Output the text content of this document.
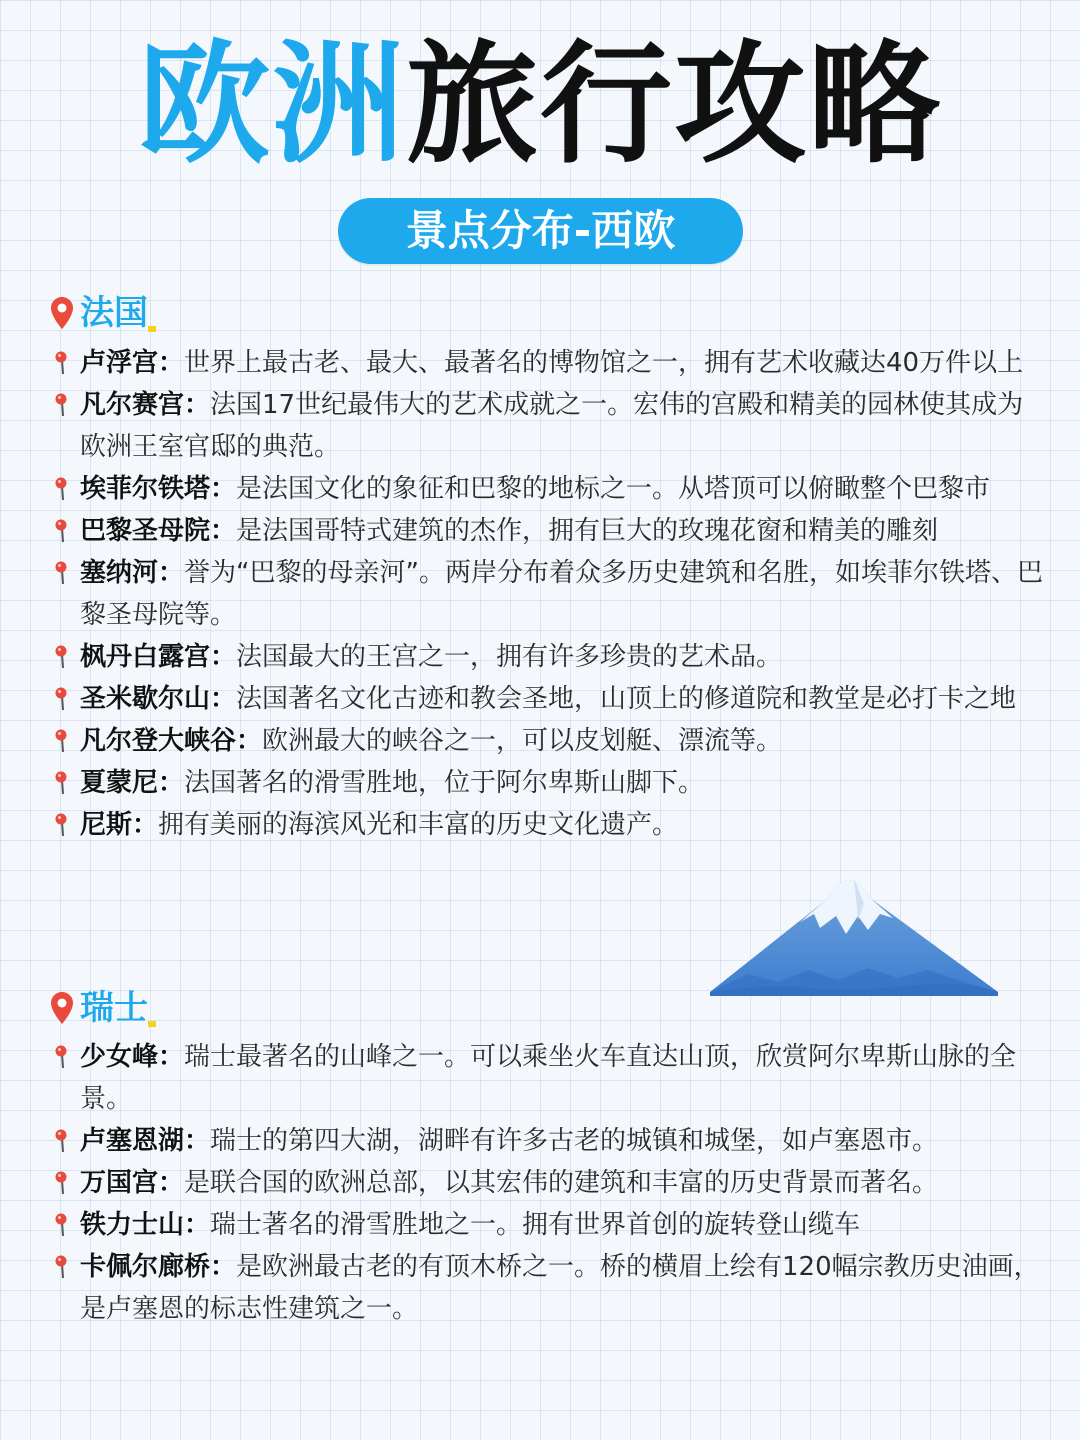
欧洲旅行攻略
景点分布-西欧
法国
卢浮宫：世界上最古老、最大、最著名的博物馆之一，拥有艺术收藏达40万件以上
凡尔赛宫：法国17世纪最伟大的艺术成就之一。宏伟的宫殿和精美的园林使其成为欧洲王室官邸的典范。
埃菲尔铁塔：是法国文化的象征和巴黎的地标之一。从塔顶可以俯瞰整个巴黎市
巴黎圣母院：是法国哥特式建筑的杰作，拥有巨大的玫瑰花窗和精美的雕刻
塞纳河：誉为“巴黎的母亲河”。两岸分布着众多历史建筑和名胜，如埃菲尔铁塔、巴黎圣母院等。
枫丹白露宫：法国最大的王宫之一，拥有许多珍贵的艺术品。
圣米歇尔山：法国著名文化古迹和教会圣地，山顶上的修道院和教堂是必打卡之地
凡尔登大峡谷：欧洲最大的峡谷之一，可以皮划艇、漂流等。
夏蒙尼：法国著名的滑雪胜地，位于阿尔卑斯山脚下。
尼斯：拥有美丽的海滨风光和丰富的历史文化遗产。
瑞士
少女峰：瑞士最著名的山峰之一。可以乘坐火车直达山顶，欣赏阿尔卑斯山脉的全景。
卢塞恩湖：瑞士的第四大湖，湖畔有许多古老的城镇和城堡，如卢塞恩市。
万国宫：是联合国的欧洲总部，以其宏伟的建筑和丰富的历史背景而著名。
铁力士山：瑞士著名的滑雪胜地之一。拥有世界首创的旋转登山缆车
卡佩尔廊桥：是欧洲最古老的有顶木桥之一。桥的横眉上绘有120幅宗教历史油画，是卢塞恩的标志性建筑之一。
